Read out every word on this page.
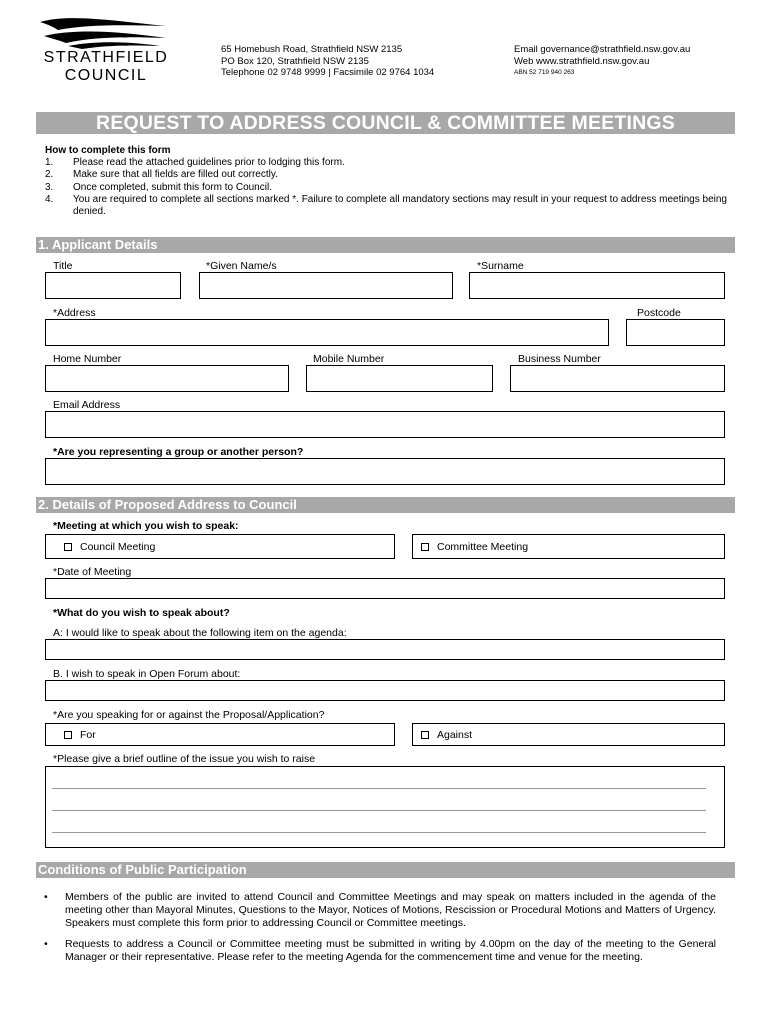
STRATHFIELD
COUNCIL
65 Homebush Road, Strathfield NSW 2135
PO Box 120, Strathfield NSW 2135
Telephone 02 9748 9999 | Facsimile 02 9764 1034
Email governance@strathfield.nsw.gov.au
Web www.strathfield.nsw.gov.au
ABN 52 719 940 263
REQUEST TO ADDRESS COUNCIL & COMMITTEE MEETINGS
How to complete this form
1.	Please read the attached guidelines prior to lodging this form.
2.	Make sure that all fields are filled out correctly.
3.	Once completed, submit this form to Council.
4.	You are required to complete all sections marked *. Failure to complete all mandatory sections may result in your request to address meetings being denied.
1. Applicant Details
Title	*Given Name/s	*Surname
*Address	Postcode
Home Number	Mobile Number	Business Number
Email Address
*Are you representing a group or another person?
2. Details of Proposed Address to Council
*Meeting at which you wish to speak:
Council Meeting	Committee Meeting
*Date of Meeting
*What do you wish to speak about?
A: I would like to speak about the following item on the agenda:
B. I wish to speak in Open Forum about:
*Are you speaking for or against the Proposal/Application?
For	Against
*Please give a brief outline of the issue you wish to raise
Conditions of Public Participation
•	Members of the public are invited to attend Council and Committee Meetings and may speak on matters included in the agenda of the meeting other than Mayoral Minutes, Questions to the Mayor, Notices of Motions, Rescission or Procedural Motions and Matters of Urgency. Speakers must complete this form prior to addressing Council or Committee meetings.
•	Requests to address a Council or Committee meeting must be submitted in writing by 4.00pm on the day of the meeting to the General Manager or their representative. Please refer to the meeting Agenda for the commencement time and venue for the meeting.
